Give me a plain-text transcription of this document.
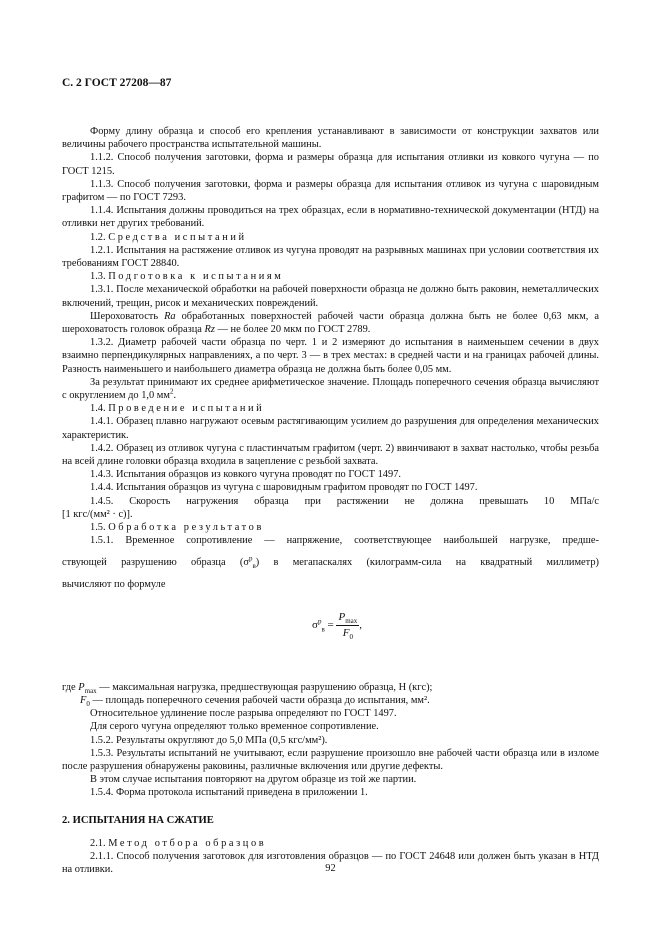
С. 2 ГОСТ 27208—87

Форму длину образца и способ его крепления устанавливают в зависимости от конструкции захватов или величины рабочего пространства испытательной машины.

1.1.2. Способ получения заготовки, форма и размеры образца для испытания отливки из ковкого чугуна — по ГОСТ 1215.

1.1.3. Способ получения заготовки, форма и размеры образца для испытания отливок из чугуна с шаровидным графитом — по ГОСТ 7293.

1.1.4. Испытания должны проводиться на трех образцах, если в нормативно-технической документации (НТД) на отливки нет других требований.

1.2. Средства испытаний

1.2.1. Испытания на растяжение отливок из чугуна проводят на разрывных машинах при условии соответствия их требованиям ГОСТ 28840.

1.3. Подготовка к испытаниям

1.3.1. После механической обработки на рабочей поверхности образца не должно быть раковин, неметаллических включений, трещин, рисок и механических повреждений.

Шероховатость Ra обработанных поверхностей рабочей части образца должна быть не более 0,63 мкм, а шероховатость головок образца Rz — не более 20 мкм по ГОСТ 2789.

1.3.2. Диаметр рабочей части образца по черт. 1 и 2 измеряют до испытания в наименьшем сечении в двух взаимно перпендикулярных направлениях, а по черт. 3 — в трех местах: в средней части и на границах рабочей длины. Разность наименьшего и наибольшего диаметра образца не должна быть более 0,05 мм.

За результат принимают их среднее арифметическое значение. Площадь поперечного сечения образца вычисляют с округлением до 1,0 $мм^2$.

1.4. Проведение испытаний

1.4.1. Образец плавно нагружают осевым растягивающим усилием до разрушения для определения механических характеристик.

1.4.2. Образец из отливок чугуна с пластинчатым графитом (черт. 2) ввинчивают в захват настолько, чтобы резьба на всей длине головки образца входила в зацепление с резьбой захвата.

1.4.3. Испытания образцов из ковкого чугуна проводят по ГОСТ 1497.

1.4.4. Испытания образцов из чугуна с шаровидным графитом проводят по ГОСТ 1497.

1.4.5. Скорость нагружения образца при растяжении не должна превышать 10 МПа/с

[1 кгс/(мм² · с)].

1.5. Обработка результатов

1.5.1. Временное сопротивление — напряжение, соответствующее наибольшей нагрузке, предше-

ствующей разрушению образца $(\sigma^р_в)$ в мегапаскалях (килограмм-сила на квадратный миллиметр)

вычисляют по формуле

$\sigma^р_в = \frac{P_{max}}{F_0}$ ,

где $P_{max}$ — максимальная нагрузка, предшествующая разрушению образца, Н (кгс);

$F_0$ — площадь поперечного сечения рабочей части образца до испытания, мм².

Относительное удлинение после разрыва определяют по ГОСТ 1497.

Для серого чугуна определяют только временное сопротивление.

1.5.2. Результаты округляют до 5,0 МПа (0,5 кгс/мм²).

1.5.3. Результаты испытаний не учитывают, если разрушение произошло вне рабочей части образца или в изломе после разрушения обнаружены раковины, различные включения или другие дефекты.

В этом случае испытания повторяют на другом образце из той же партии.

1.5.4. Форма протокола испытаний приведена в приложении 1.

2. ИСПЫТАНИЯ НА СЖАТИЕ

2.1. Метод отбора образцов

2.1.1. Способ получения заготовок для изготовления образцов — по ГОСТ 24648 или должен быть указан в НТД на отливки.	92
